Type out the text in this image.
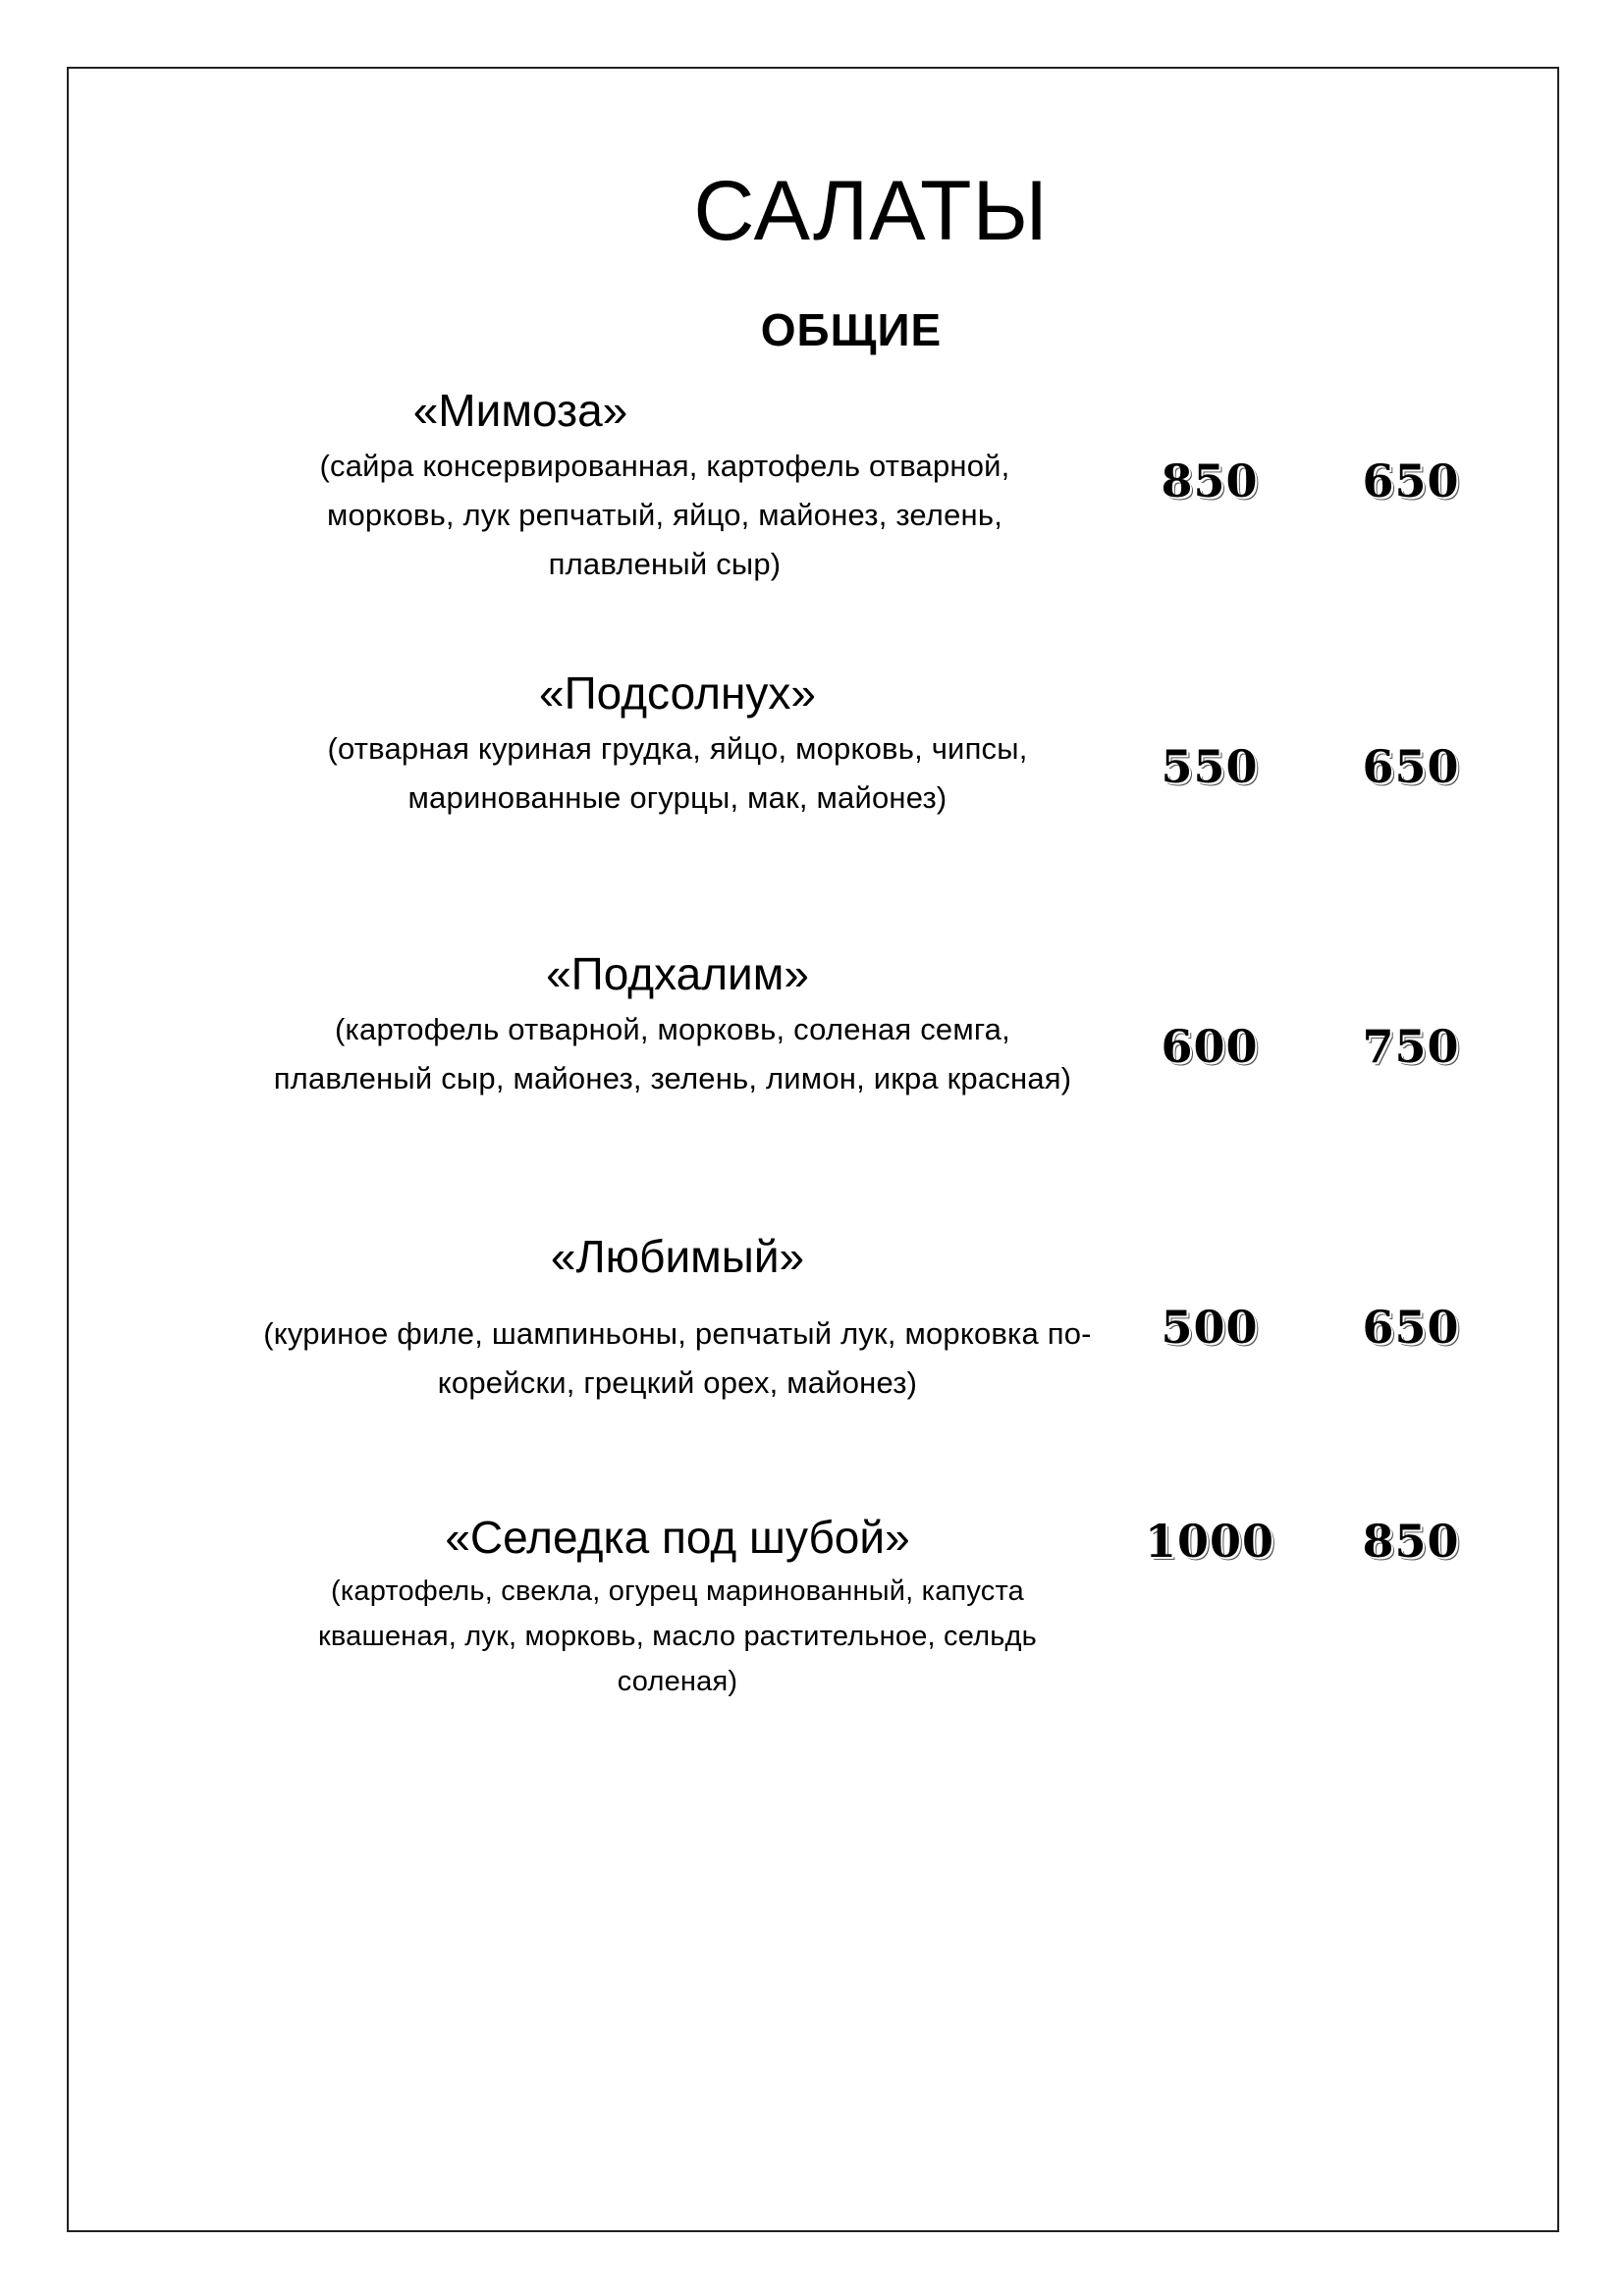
САЛАТЫ
ОБЩИЕ
«Мимоза»
(сайра консервированная, картофель отварной, морковь, лук репчатый, яйцо, майонез, зелень, плавленый сыр)
850	650
«Подсолнух»
(отварная куриная грудка, яйцо, морковь, чипсы, маринованные огурцы, мак, майонез)
550	650
«Подхалим»
(картофель отварной, морковь, соленая семга, плавленый сыр, майонез, зелень, лимон, икра красная)
600	750
«Любимый»
(куриное филе, шампиньоны, репчатый лук, морковка по-корейски, грецкий орех, майонез)
500	650
«Селедка под шубой»
(картофель, свекла, огурец маринованный, капуста квашеная, лук, морковь, масло растительное, сельдь соленая)
1000	850
